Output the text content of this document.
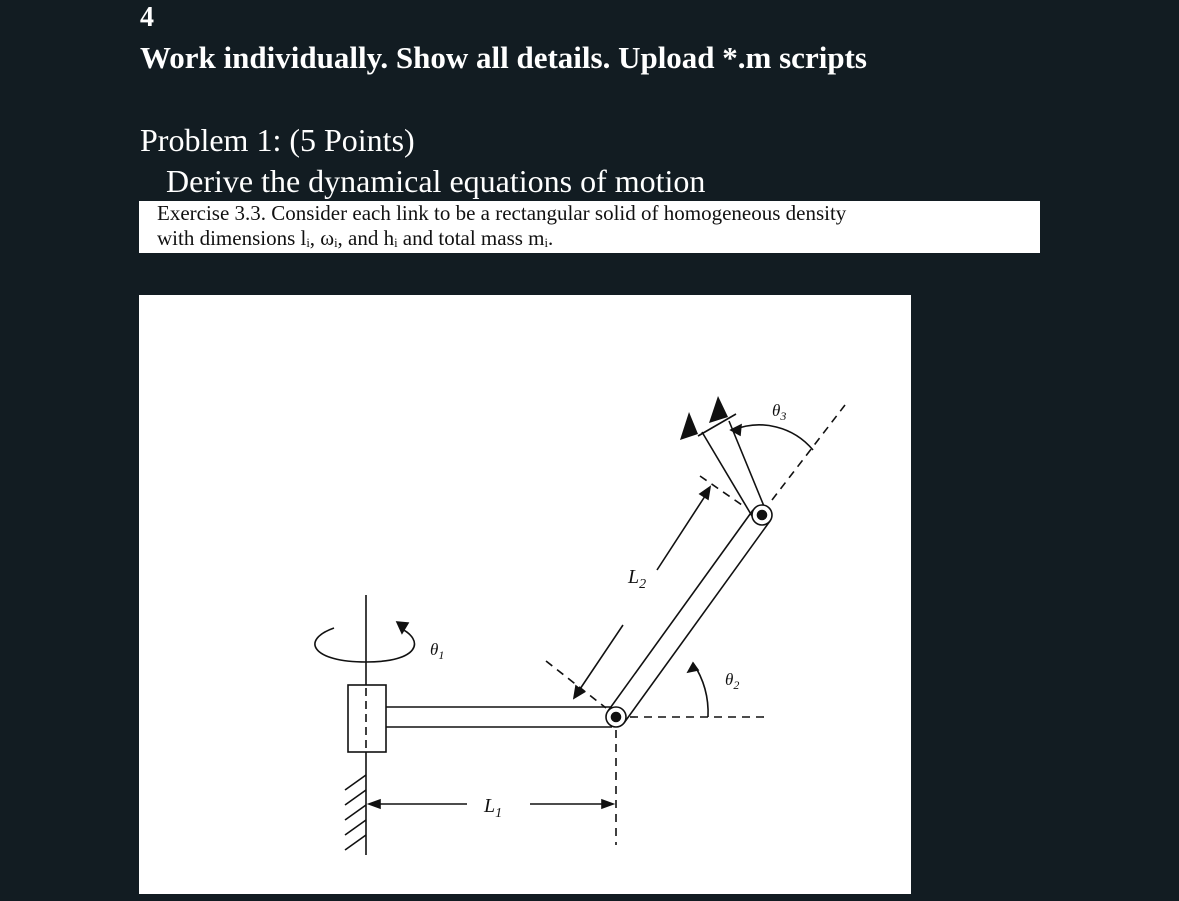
4
Work individually. Show all details. Upload *.m scripts
Problem 1: (5 Points)
Derive the dynamical equations of motion
Exercise 3.3. Consider each link to be a rectangular solid of homogeneous density
with dimensions lᵢ, ωᵢ, and hᵢ and total mass mᵢ.
$\theta_1$
$\theta_2$
$\theta_3$
$L_2$
$L_1$
